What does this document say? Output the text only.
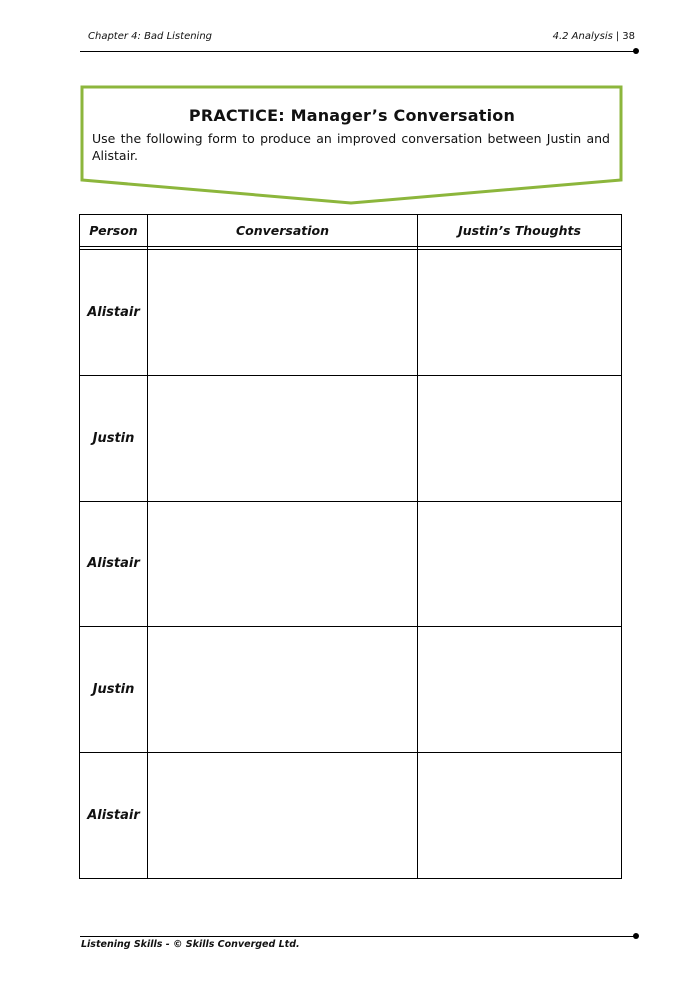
Chapter 4: Bad Listening	4.2 Analysis | 38
PRACTICE: Manager’s Conversation
Use the following form to produce an improved conversation between Justin and Alistair.
Person	Conversation	Justin’s Thoughts

Alistair		
Justin		
Alistair		
Justin		
Alistair		
Listening Skills - © Skills Converged Ltd.
